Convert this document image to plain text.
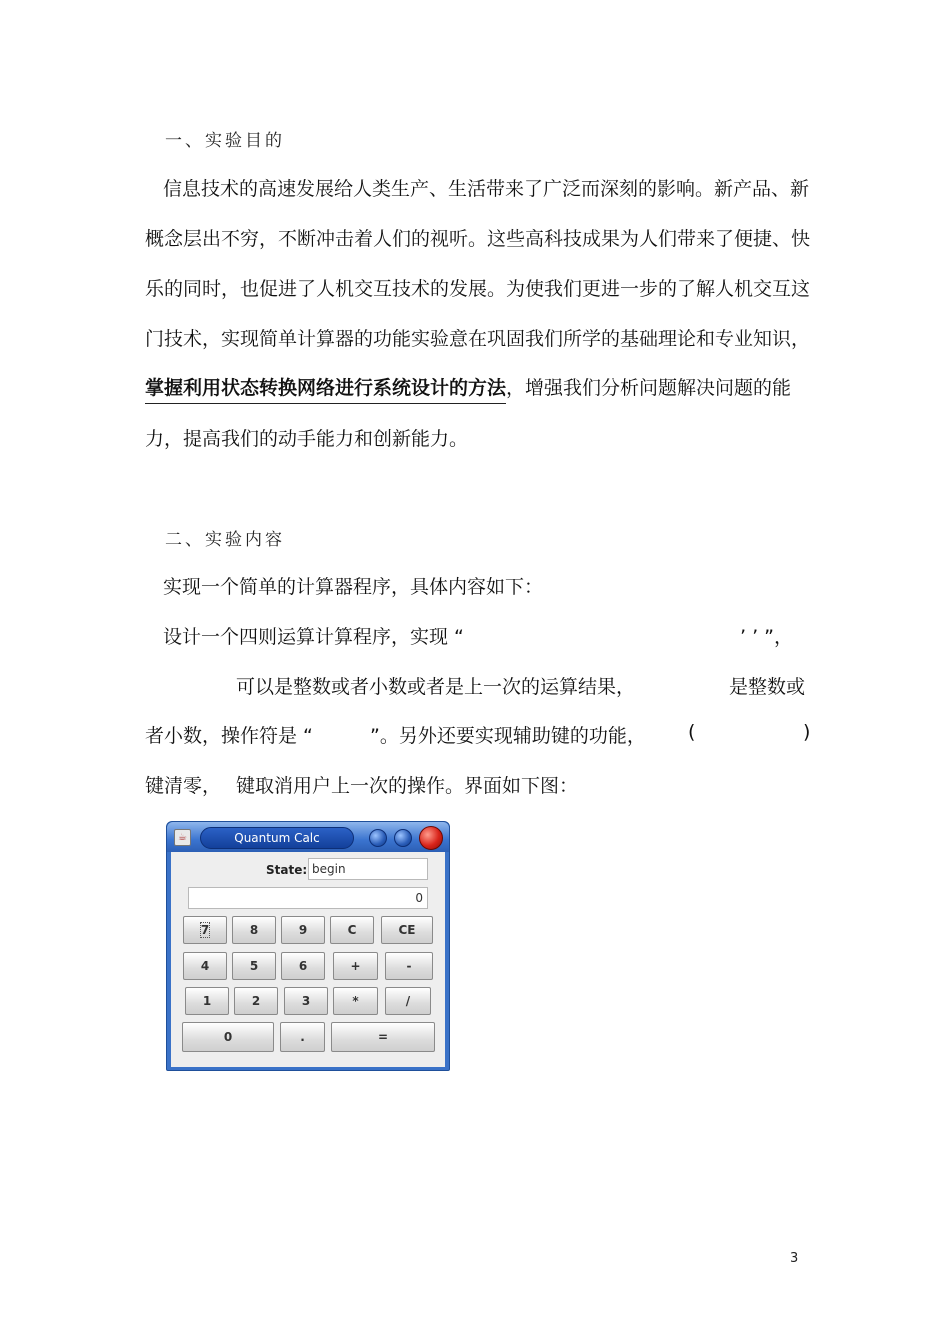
一、实验目的
信息技术的高速发展给人类生产、生活带来了广泛而深刻的影响。新产品、新
概念层出不穷，不断冲击着人们的视听。这些高科技成果为人们带来了便捷、快
乐的同时，也促进了人机交互技术的发展。为使我们更进一步的了解人机交互这
门技术，实现简单计算器的功能实验意在巩固我们所学的基础理论和专业知识，
掌握利用状态转换网络进行系统设计的方法，增强我们分析问题解决问题的能
力，提高我们的动手能力和创新能力。
二、实验内容
实现一个简单的计算器程序，具体内容如下：
设计一个四则运算计算程序，实现 “	’ ’ ”，
可以是整数或者小数或者是上一次的运算结果，	是整数或
者小数，操作符是 “	”。另外还要实现辅助键的功能， (	)
键清零， 键取消用户上一次的操作。界面如下图：
☕	Quantum Calc
State: begin
0
7	8	9	C	CE
4	5	6	+	-
1	2	3	*	/
0	.	=
3
